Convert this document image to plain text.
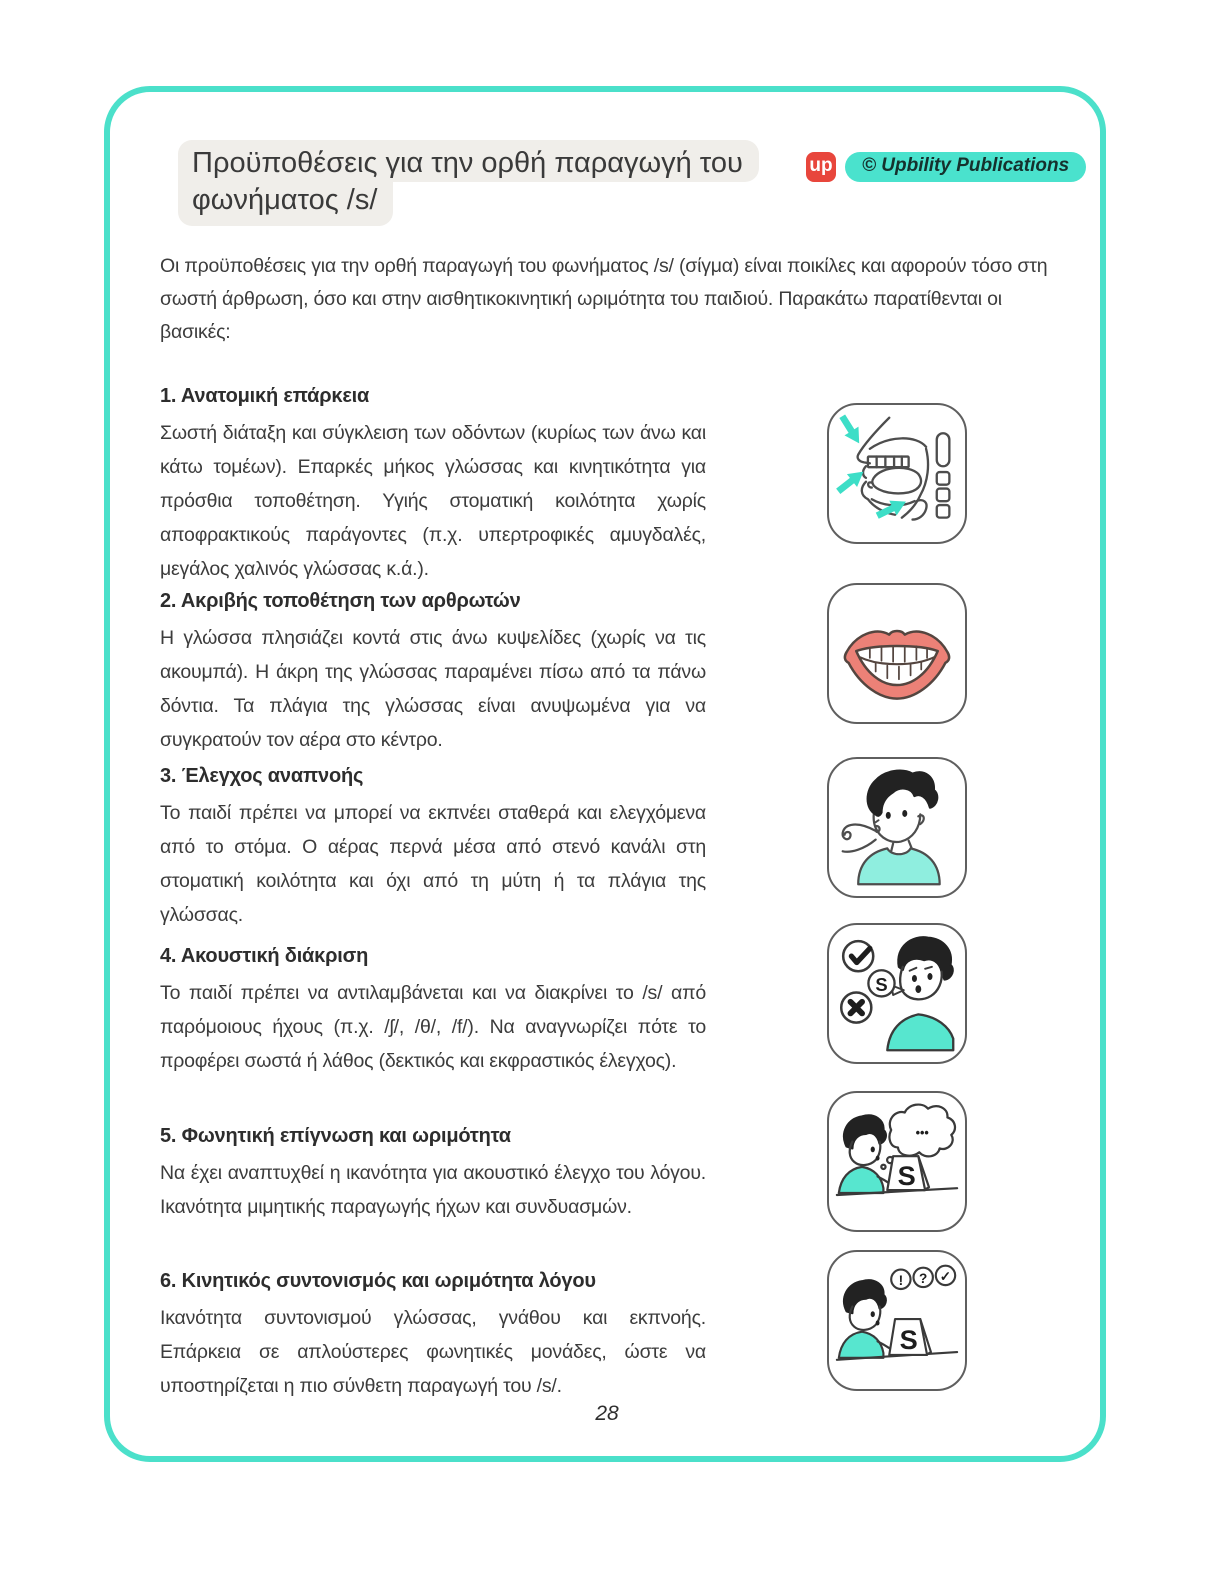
Προϋποθέσεις για την ορθή παραγωγή του
φωνήματος /s/
up	© Upbility Publications

Οι προϋποθέσεις για την ορθή παραγωγή του φωνήματος /s/ (σίγμα) είναι ποικίλες και αφορούν τόσο στη σωστή άρθρωση, όσο και στην αισθητικοκινητική ωριμότητα του παιδιού. Παρακάτω παρατίθενται οι βασικές:

1. Ανατομική επάρκεια

Σωστή διάταξη και σύγκλειση των οδόντων (κυρίως των άνω και κάτω τομέων). Επαρκές μήκος γλώσσας και κινητικότητα για πρόσθια τοποθέτηση. Υγιής στοματική κοιλότητα χωρίς αποφρακτικούς παράγοντες (π.χ. υπερτροφικές αμυγδαλές, μεγάλος χαλινός γλώσσας κ.ά.).

2. Ακριβής τοποθέτηση των αρθρωτών

Η γλώσσα πλησιάζει κοντά στις άνω κυψελίδες (χωρίς να τις ακουμπά). Η άκρη της γλώσσας παραμένει πίσω από τα πάνω δόντια. Τα πλάγια της γλώσσας είναι ανυψωμένα για να συγκρατούν τον αέρα στο κέντρο.

3. Έλεγχος αναπνοής

Το παιδί πρέπει να μπορεί να εκπνέει σταθερά και ελεγχόμενα από το στόμα. Ο αέρας περνά μέσα από στενό κανάλι στη στοματική κοιλότητα και όχι από τη μύτη ή τα πλάγια της γλώσσας.

4. Ακουστική διάκριση

Το παιδί πρέπει να αντιλαμβάνεται και να διακρίνει το /s/ από παρόμοιους ήχους (π.χ. /ʃ/, /θ/, /f/). Να αναγνωρίζει πότε το προφέρει σωστά ή λάθος (δεκτικός και εκφραστικός έλεγχος).

5. Φωνητική επίγνωση και ωριμότητα

Να έχει αναπτυχθεί η ικανότητα για ακουστικό έλεγχο του λόγου. Ικανότητα μιμητικής παραγωγής ήχων και συνδυασμών.

6. Κινητικός συντονισμός και ωριμότητα λόγου

Ικανότητα συντονισμού γλώσσας, γνάθου και εκπνοής. Επάρκεια σε απλούστερες φωνητικές μονάδες, ώστε να υποστηρίζεται η πιο σύνθετη παραγωγή του /s/.

S
S
•••
S
! ? ✓
28
